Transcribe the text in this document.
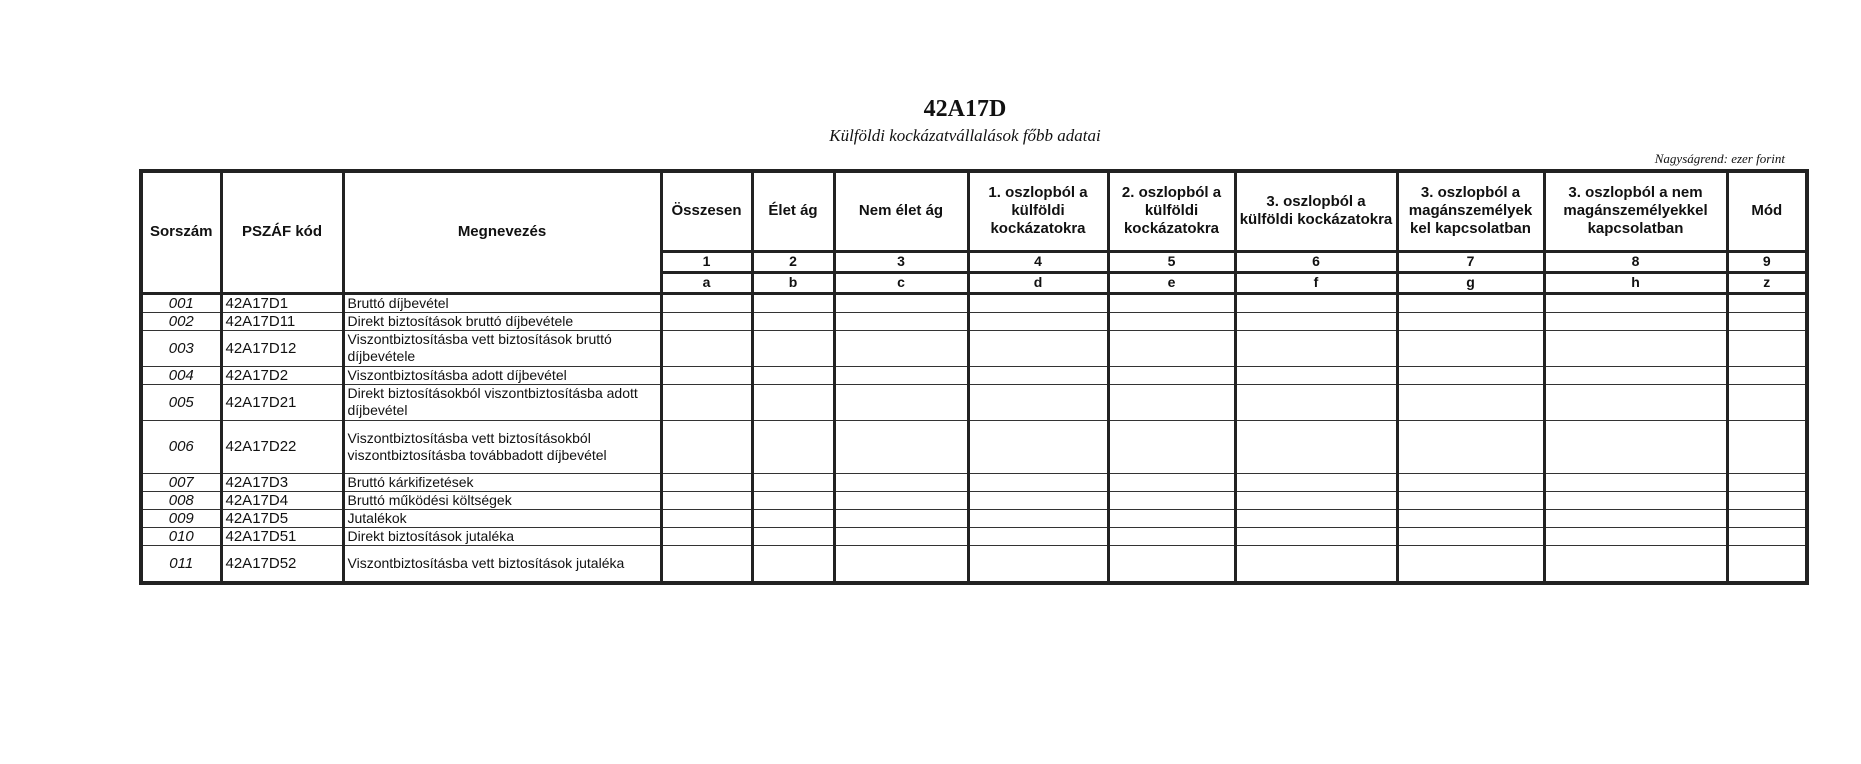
42A17D
Külföldi kockázatvállalások főbb adatai
Nagyságrend: ezer forint
Sorszám	PSZÁF kód	Megnevezés	Összesen	Élet ág	Nem élet ág	1. oszlopból a külföldi kockázatokra	2. oszlopból a külföldi kockázatokra	3. oszlopból a külföldi kockázatokra	3. oszlopból a magánszemélyek kel kapcsolatban	3. oszlopból a nem magánszemélyekkel kapcsolatban	Mód
			1	2	3	4	5	6	7	8	9
			a	b	c	d	e	f	g	h	z
001	42A17D1	Bruttó díjbevétel									
002	42A17D11	Direkt biztosítások bruttó díjbevétele									
003	42A17D12	Viszontbiztosításba vett biztosítások bruttó díjbevétele									
004	42A17D2	Viszontbiztosításba adott díjbevétel									
005	42A17D21	Direkt biztosításokból viszontbiztosításba adott díjbevétel									
006	42A17D22	Viszontbiztosításba vett biztosításokból viszontbiztosításba továbbadott díjbevétel									
007	42A17D3	Bruttó kárkifizetések									
008	42A17D4	Bruttó működési költségek									
009	42A17D5	Jutalékok									
010	42A17D51	Direkt biztosítások jutaléka									
011	42A17D52	Viszontbiztosításba vett biztosítások jutaléka									
